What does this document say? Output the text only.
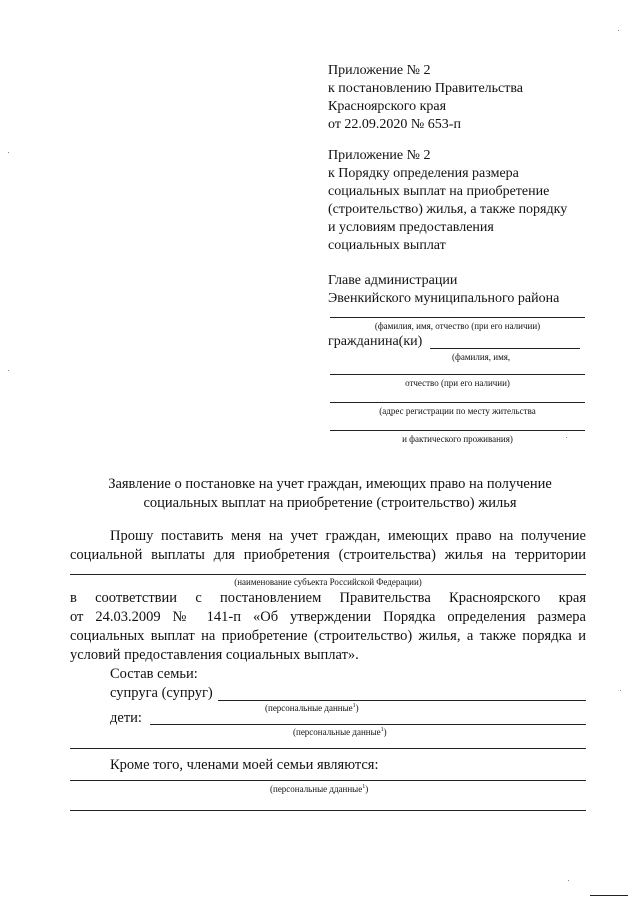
Приложение № 2
к постановлению Правительства
Красноярского края
от 22.09.2020 № 653-п
Приложение № 2
к Порядку определения размера
социальных выплат на приобретение
(строительство) жилья, а также порядку
и условиям предоставления
социальных выплат
Главе администрации
Эвенкийского муниципального района
(фамилия, имя, отчество (при его наличии)
гражданина(ки)
(фамилия, имя,
отчество (при его наличии)
(адрес регистрации по месту жительства
и фактического проживания)
Заявление о постановке на учет граждан, имеющих право на получение
социальных выплат на приобретение (строительство) жилья
Прошу поставить меня на учет граждан, имеющих право на получение
социальной выплаты для приобретения (строительства) жилья на территории
(наименование субъекта Российской Федерации)
в соответствии с постановлением Правительства Красноярского края
от 24.03.2009 № 141-п «Об утверждении Порядка определения размера
социальных выплат на приобретение (строительство) жилья, а также порядка и
условий предоставления социальных выплат».
Состав семьи:
супруга (супруг)
(персональные данные$^1$)
дети:
(персональные данные$^1$)
Кроме того, членами моей семьи являются:
(персональные дданные$^1$)
